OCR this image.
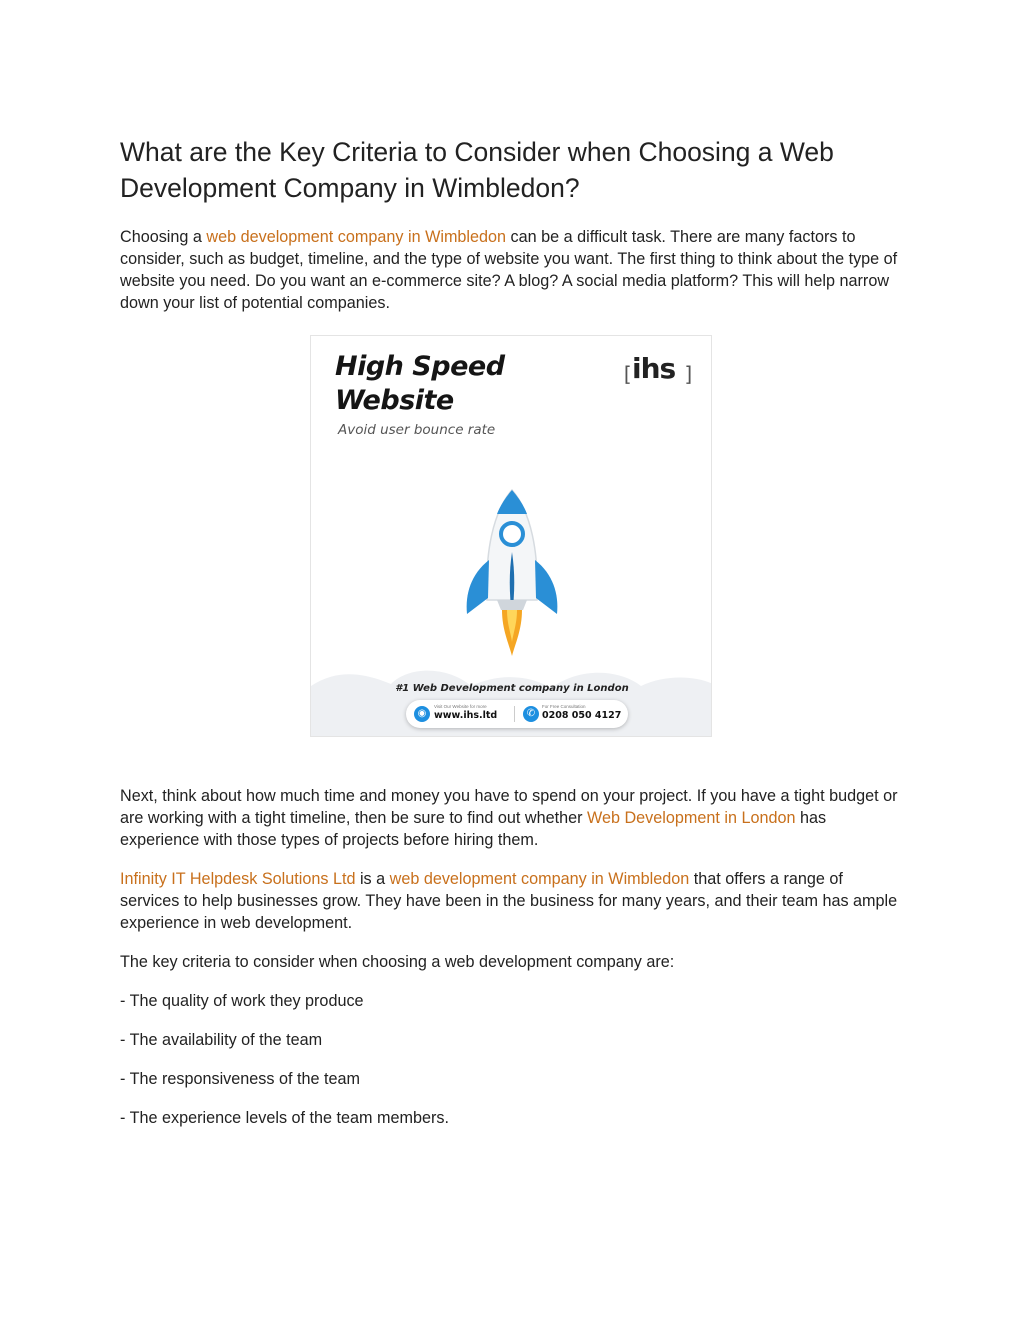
What are the Key Criteria to Consider when Choosing a Web Development Company in Wimbledon?

Choosing a web development company in Wimbledon can be a difficult task. There are many factors to consider, such as budget, timeline, and the type of website you want. The first thing to think about the type of website you need. Do you want an e-commerce site? A blog? A social media platform? This will help narrow down your list of potential companies.

Next, think about how much time and money you have to spend on your project. If you have a tight budget or are working with a tight timeline, then be sure to find out whether Web Development in London has experience with those types of projects before hiring them.

Infinity IT Helpdesk Solutions Ltd is a web development company in Wimbledon that offers a range of services to help businesses grow. They have been in the business for many years, and their team has ample experience in web development.

The key criteria to consider when choosing a web development company are:

- The quality of work they produce

- The availability of the team

- The responsiveness of the team

- The experience levels of the team members.

High Speed
Website
Avoid user bounce rate
[
ihs ]
#1 Web Development company in London
◉
Visit Our Website for more
www.ihs.ltd	✆
For Free Consultation
0208 050 4127
